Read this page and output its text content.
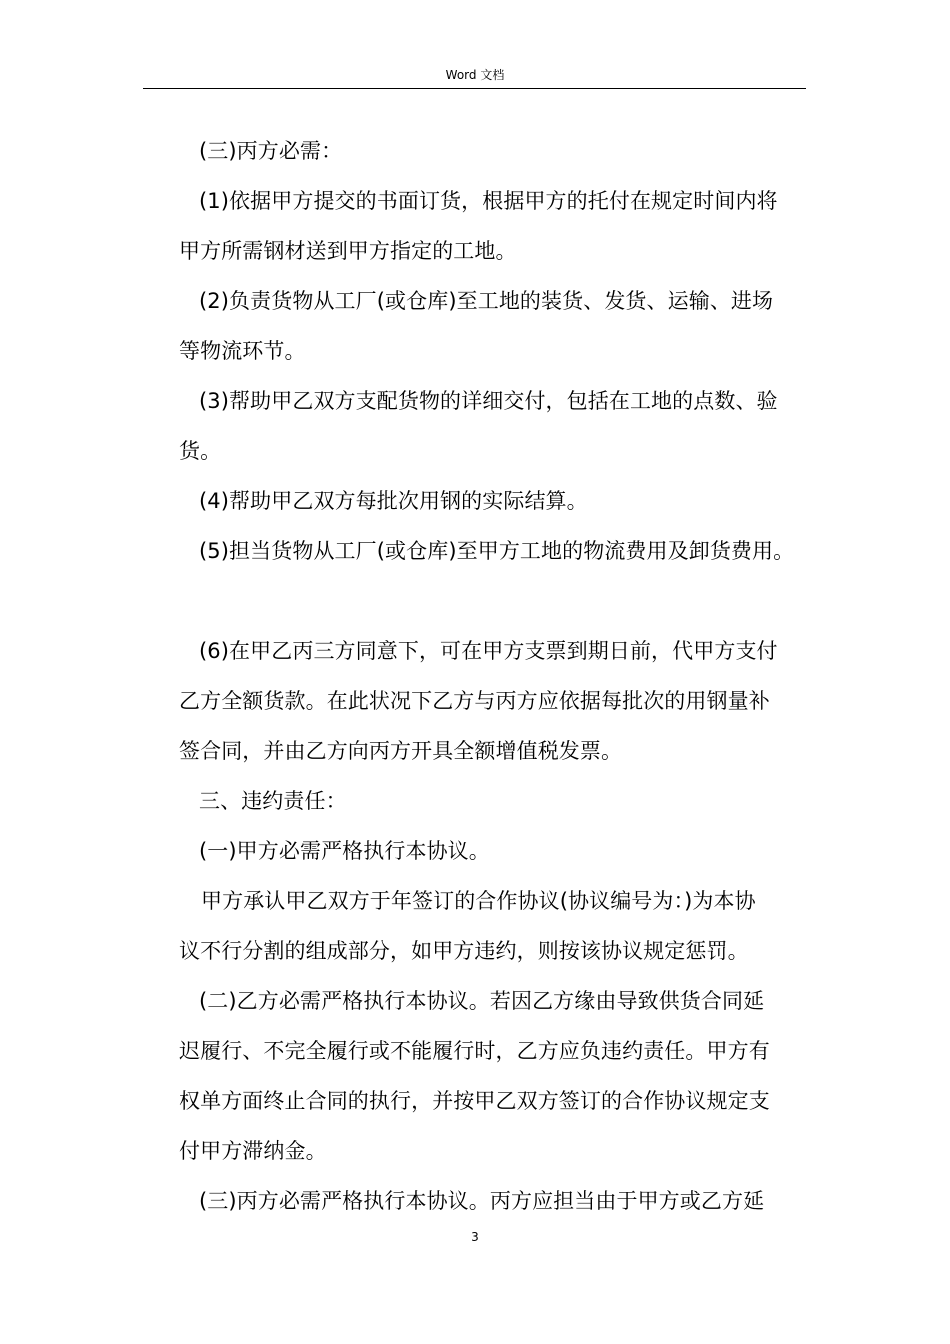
Word 文档
(三)丙方必需：
(1)依据甲方提交的书面订货，根据甲方的托付在规定时间内将
甲方所需钢材送到甲方指定的工地。
(2)负责货物从工厂(或仓库)至工地的装货、发货、运输、进场
等物流环节。
(3)帮助甲乙双方支配货物的详细交付，包括在工地的点数、验
货。
(4)帮助甲乙双方每批次用钢的实际结算。
(5)担当货物从工厂(或仓库)至甲方工地的物流费用及卸货费用。
(6)在甲乙丙三方同意下，可在甲方支票到期日前，代甲方支付
乙方全额货款。在此状况下乙方与丙方应依据每批次的用钢量补
签合同，并由乙方向丙方开具全额增值税发票。
三、违约责任：
(一)甲方必需严格执行本协议。
甲方承认甲乙双方于年签订的合作协议(协议编号为：)为本协
议不行分割的组成部分，如甲方违约，则按该协议规定惩罚。
(二)乙方必需严格执行本协议。若因乙方缘由导致供货合同延
迟履行、不完全履行或不能履行时，乙方应负违约责任。甲方有
权单方面终止合同的执行，并按甲乙双方签订的合作协议规定支
付甲方滞纳金。
(三)丙方必需严格执行本协议。丙方应担当由于甲方或乙方延
3
